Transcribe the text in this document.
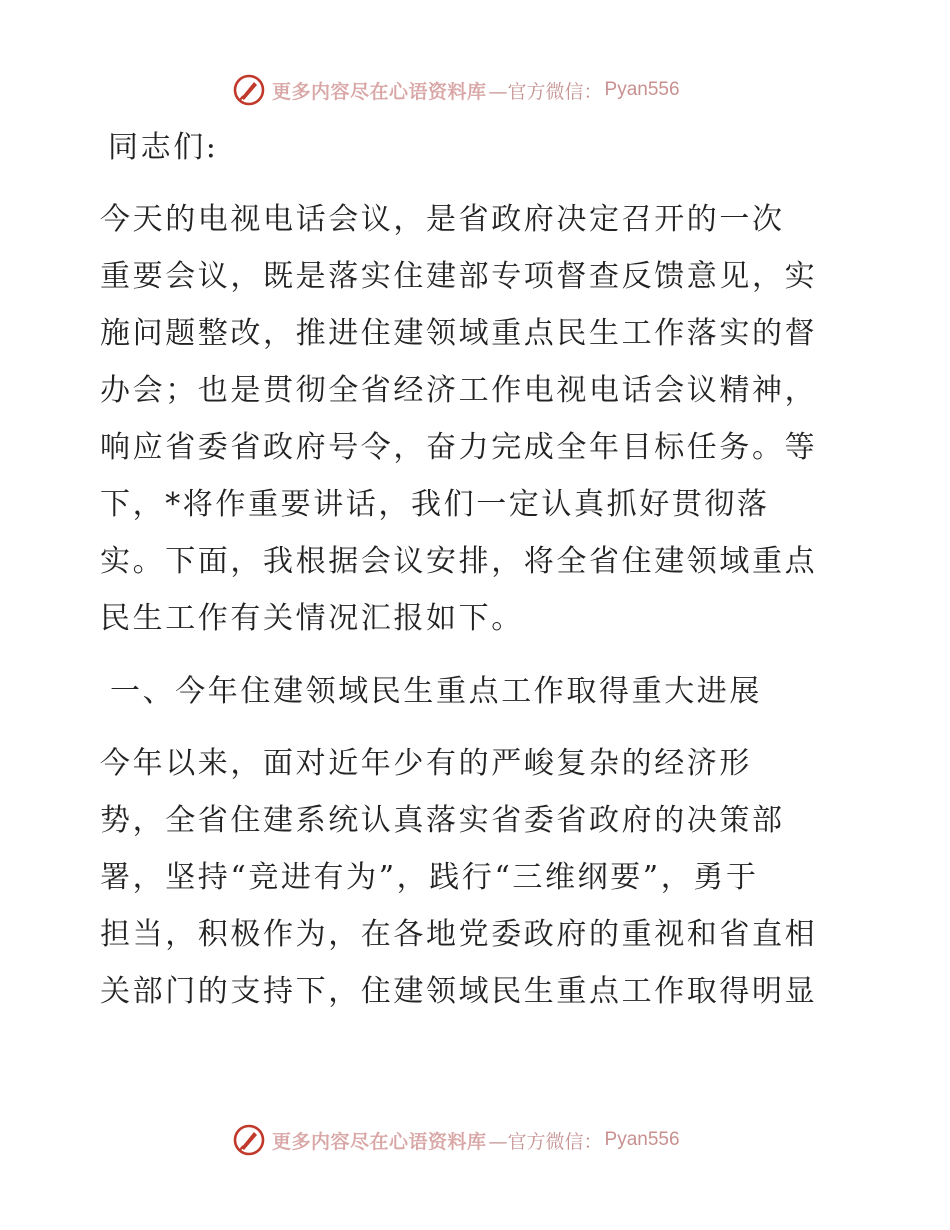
更多内容尽在心语资料库 —官方微信： Pyan556

同志们:

今天的电视电话会议，是省政府决定召开的一次

重要会议，既是落实住建部专项督查反馈意见，实

施问题整改，推进住建领域重点民生工作落实的督

办会；也是贯彻全省经济工作电视电话会议精神，

响应省委省政府号令，奋力完成全年目标任务。等

下，*将作重要讲话，我们一定认真抓好贯彻落

实。下面，我根据会议安排，将全省住建领域重点

民生工作有关情况汇报如下。

一、今年住建领域民生重点工作取得重大进展

今年以来，面对近年少有的严峻复杂的经济形

势，全省住建系统认真落实省委省政府的决策部

署，坚持“竞进有为”，践行“三维纲要”，勇于

担当，积极作为，在各地党委政府的重视和省直相

关部门的支持下，住建领域民生重点工作取得明显

更多内容尽在心语资料库 —官方微信： Pyan556
